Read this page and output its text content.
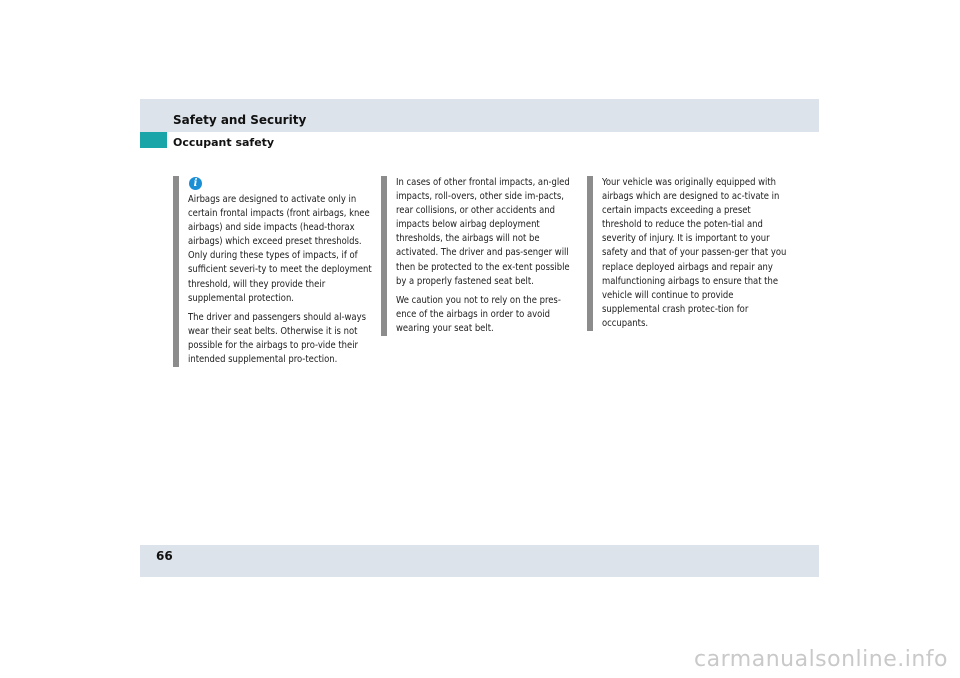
Safety and Security
Occupant safety
i

Airbags are designed to activate only in certain frontal impacts (front airbags, knee airbags) and side impacts (head-thorax airbags) which exceed preset thresholds. Only during these types of impacts, if of sufficient severi-ty to meet the deployment threshold, will they provide their supplemental protection.

The driver and passengers should al-ways wear their seat belts. Otherwise it is not possible for the airbags to pro-vide their intended supplemental pro-tection.

In cases of other frontal impacts, an-gled impacts, roll-overs, other side im-pacts, rear collisions, or other accidents and impacts below airbag deployment thresholds, the airbags will not be activated. The driver and pas-senger will then be protected to the ex-tent possible by a properly fastened seat belt.

We caution you not to rely on the pres-ence of the airbags in order to avoid wearing your seat belt.

Your vehicle was originally equipped with airbags which are designed to ac-tivate in certain impacts exceeding a preset threshold to reduce the poten-tial and severity of injury. It is important to your safety and that of your passen-ger that you replace deployed airbags and repair any malfunctioning airbags to ensure that the vehicle will continue to provide supplemental crash protec-tion for occupants.

66
carmanualsonline.info
